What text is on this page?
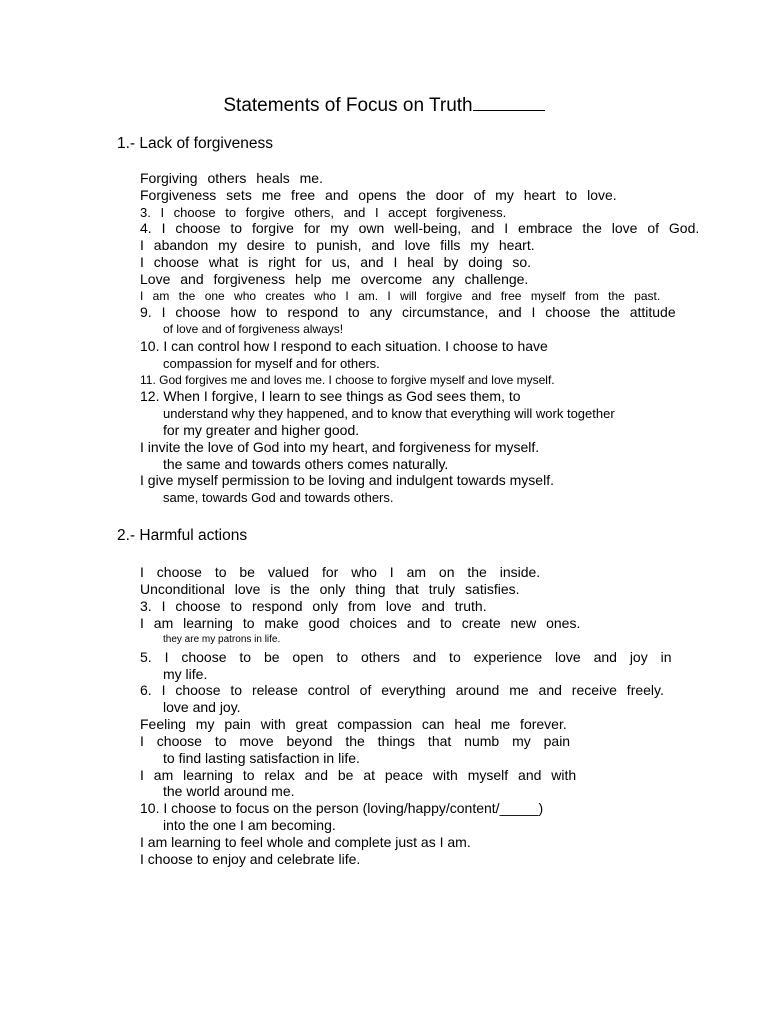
Statements of Focus on Truth
1.- Lack of forgiveness
Forgiving others heals me.
Forgiveness sets me free and opens the door of my heart to love.
3. I choose to forgive others, and I accept forgiveness.
4. I choose to forgive for my own well-being, and I embrace the love of God.
I abandon my desire to punish, and love fills my heart.
I choose what is right for us, and I heal by doing so.
Love and forgiveness help me overcome any challenge.
I am the one who creates who I am. I will forgive and free myself from the past.
9. I choose how to respond to any circumstance, and I choose the attitude
of love and of forgiveness always!
10. I can control how I respond to each situation. I choose to have
compassion for myself and for others.
11. God forgives me and loves me. I choose to forgive myself and love myself.
12. When I forgive, I learn to see things as God sees them, to
understand why they happened, and to know that everything will work together
for my greater and higher good.
I invite the love of God into my heart, and forgiveness for myself.
the same and towards others comes naturally.
I give myself permission to be loving and indulgent towards myself.
same, towards God and towards others.
2.- Harmful actions
I choose to be valued for who I am on the inside.
Unconditional love is the only thing that truly satisfies.
3. I choose to respond only from love and truth.
I am learning to make good choices and to create new ones.
they are my patrons in life.
5. I choose to be open to others and to experience love and joy in
my life.
6. I choose to release control of everything around me and receive freely.
love and joy.
Feeling my pain with great compassion can heal me forever.
I choose to move beyond the things that numb my pain
to find lasting satisfaction in life.
I am learning to relax and be at peace with myself and with
the world around me.
10. I choose to focus on the person (loving/happy/content/_____)
into the one I am becoming.
I am learning to feel whole and complete just as I am.
I choose to enjoy and celebrate life.
